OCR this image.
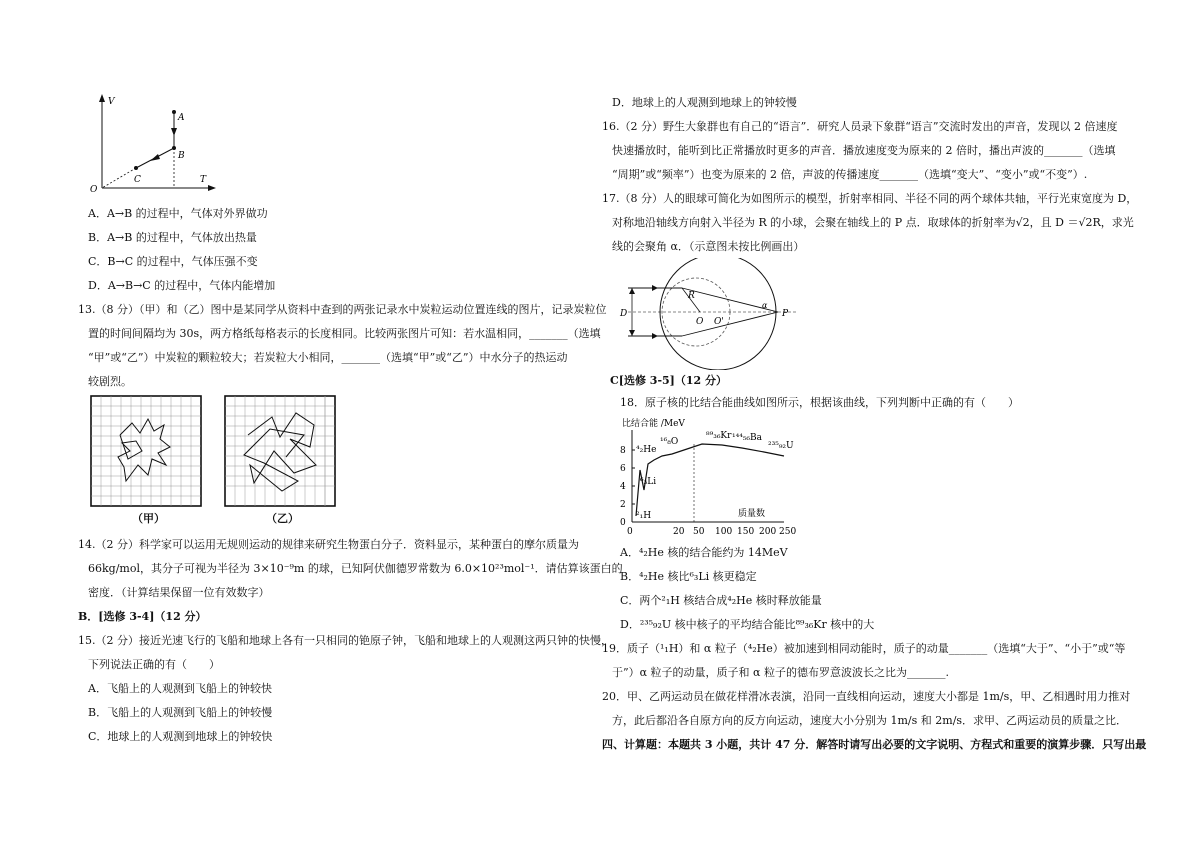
V
T
O
A
B
C
A．A→B 的过程中，气体对外界做功
B．A→B 的过程中，气体放出热量
C．B→C 的过程中，气体压强不变
D．A→B→C 的过程中，气体内能增加
13.（8 分）（甲）和（乙）图中是某同学从资料中查到的两张记录水中炭粒运动位置连线的图片，记录炭粒位
置的时间间隔均为 30s，两方格纸每格表示的长度相同。比较两张图片可知：若水温相同，_______（选填
“甲”或“乙”）中炭粒的颗粒较大；若炭粒大小相同，_______（选填“甲”或“乙”）中水分子的热运动
较剧烈。
（甲）	（乙）
14.（2 分）科学家可以运用无规则运动的规律来研究生物蛋白分子．资料显示，某种蛋白的摩尔质量为
66kg/mol，其分子可视为半径为 3×10⁻⁹m 的球，已知阿伏伽德罗常数为 6.0×10²³mol⁻¹．请估算该蛋白的
密度．（计算结果保留一位有效数字）
B．[选修 3-4]（12 分）
15.（2 分）接近光速飞行的飞船和地球上各有一只相同的铯原子钟，飞船和地球上的人观测这两只钟的快慢，
下列说法正确的有（　　）
A．飞船上的人观测到飞船上的钟较快
B．飞船上的人观测到飞船上的钟较慢
C．地球上的人观测到地球上的钟较快
D．地球上的人观测到地球上的钟较慢
16.（2 分）野生大象群也有自己的“语言”．研究人员录下象群“语言”交流时发出的声音，发现以 2 倍速度
快速播放时，能听到比正常播放时更多的声音．播放速度变为原来的 2 倍时，播出声波的_______（选填
“周期”或“频率”）也变为原来的 2 倍，声波的传播速度_______（选填“变大”、“变小”或“不变”）.
17.（8 分）人的眼球可简化为如图所示的模型，折射率相同、半径不同的两个球体共轴，平行光束宽度为 D，
对称地沿轴线方向射入半径为 R 的小球，会聚在轴线上的 P 点．取球体的折射率为√2，且 D ＝√2R，求光
线的会聚角 α．（示意图未按比例画出）
D
R
O O'
α
P
C[选修 3-5]（12 分）
18．原子核的比结合能曲线如图所示，根据该曲线，下列判断中正确的有（　　）
比结合能 /MeV
0
2
4
6
8
0	20 50 100 150 200 250
质量数
²₁H
⁶₃Li
⁴₂He
¹⁶₈O
⁸⁹₃₆Kr ¹⁴⁴₅₆Ba
²³⁵₉₂U
A．⁴₂He 核的结合能约为 14MeV
B．⁴₂He 核比⁶₃Li 核更稳定
C．两个²₁H 核结合成⁴₂He 核时释放能量
D．²³⁵₉₂U 核中核子的平均结合能比⁸⁹₃₆Kr 核中的大
19．质子（¹₁H）和 α 粒子（⁴₂He）被加速到相同动能时，质子的动量_______（选填“大于”、“小于”或“等
于”）α 粒子的动量，质子和 α 粒子的德布罗意波波长之比为_______.
20．甲、乙两运动员在做花样滑冰表演，沿同一直线相向运动，速度大小都是 1m/s，甲、乙相遇时用力推对
方，此后都沿各自原方向的反方向运动，速度大小分别为 1m/s 和 2m/s．求甲、乙两运动员的质量之比．
四、计算题：本题共 3 小题，共计 47 分．解答时请写出必要的文字说明、方程式和重要的演算步骤．只写出最
